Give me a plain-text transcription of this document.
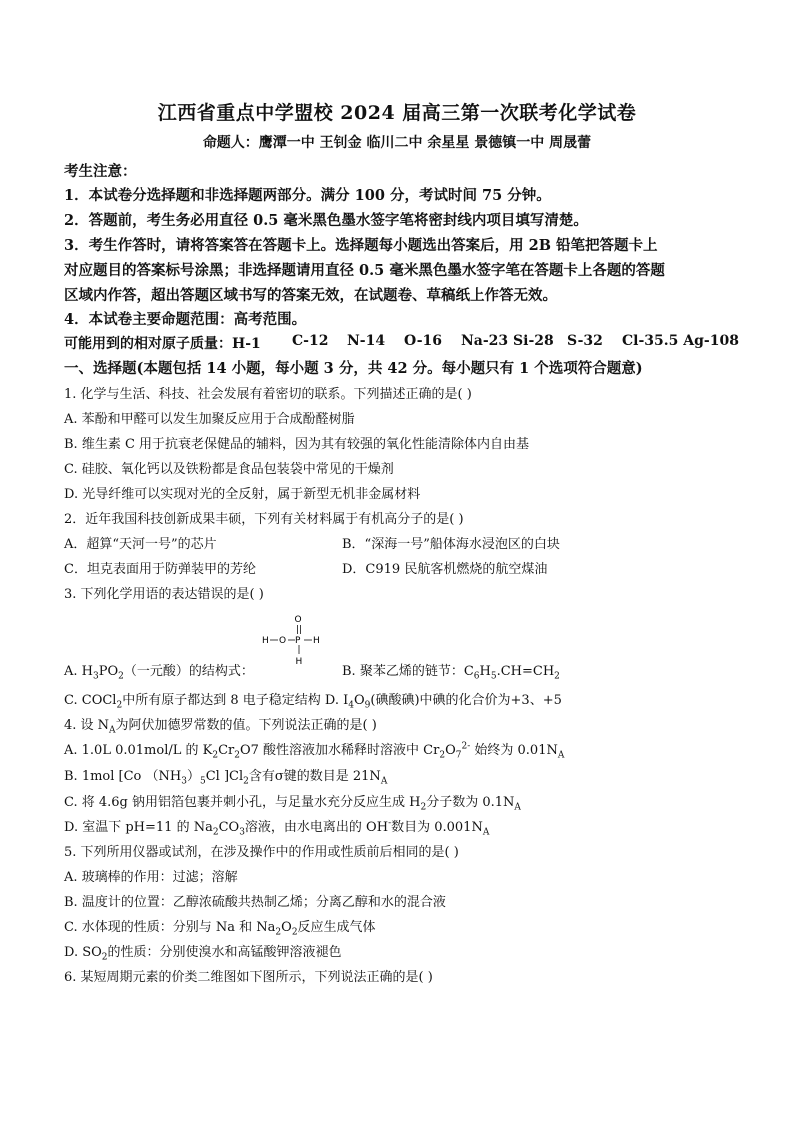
江西省重点中学盟校 2024 届高三第一次联考化学试卷
命题人：鹰潭一中 王钊金 临川二中 余星星 景德镇一中 周晟蕾
考生注意：
1．本试卷分选择题和非选择题两部分。满分 100 分，考试时间 75 分钟。
2．答题前，考生务必用直径 0.5 毫米黑色墨水签字笔将密封线内项目填写清楚。
3．考生作答时，请将答案答在答题卡上。选择题每小题选出答案后，用 2B 铅笔把答题卡上
对应题目的答案标号涂黑；非选择题请用直径 0.5 毫米黑色墨水签字笔在答题卡上各题的答题
区域内作答，超出答题区域书写的答案无效，在试题卷、草稿纸上作答无效。
4．本试卷主要命题范围：高考范围。
可能用到的相对原子质量：H-1 C-12 N-14 O-16 Na-23 Si-28 S-32 Cl-35.5 Ag-108
一、选择题(本题包括 14 小题，每小题 3 分，共 42 分。每小题只有 1 个选项符合题意)
1. 化学与生活、科技、社会发展有着密切的联系。下列描述正确的是( )
A. 苯酚和甲醛可以发生加聚反应用于合成酚醛树脂
B. 维生素 C 用于抗衰老保健品的辅料，因为其有较强的氧化性能清除体内自由基
C. 硅胶、氧化钙以及铁粉都是食品包装袋中常见的干燥剂
D. 光导纤维可以实现对光的全反射，属于新型无机非金属材料
2．近年我国科技创新成果丰硕，下列有关材料属于有机高分子的是( )
A．超算“天河一号”的芯片	B．“深海一号”船体海水浸泡区的白块
C．坦克表面用于防弹装甲的芳纶	D．C919 民航客机燃烧的航空煤油
3. 下列化学用语的表达错误的是( )
H O P H
O
H
A. $H_3PO_2$（一元酸）的结构式：	B. 聚苯乙烯的链节：$C_6H_5.CH=CH_2$
C. COCl$_2$中所有原子都达到 8 电子稳定结构 D. $I_4O_9$(碘酸碘)中碘的化合价为+3、+5
4. 设 $N_A$为阿伏加德罗常数的值。下列说法正确的是( )
A. 1.0L 0.01mol/L 的 $K_2Cr_2O7$ 酸性溶液加水稀释时溶液中 $Cr_2O_7^{2-}$ 始终为 $0.01N_A$
B. 1mol [Co $(NH_3)_5Cl$ ]$Cl_2$含有σ键的数目是 $21N_A$
C. 将 4.6g 钠用铝箔包裹并刺小孔，与足量水充分反应生成 $H_2$分子数为 $0.1N_A$
D. 室温下 pH=11 的 $Na_2CO_3$溶液，由水电离出的 OH-数目为 $0.001N_A$
5. 下列所用仪器或试剂，在涉及操作中的作用或性质前后相同的是( )
A. 玻璃棒的作用：过滤；溶解
B. 温度计的位置：乙醇浓硫酸共热制乙烯；分离乙醇和水的混合液
C. 水体现的性质：分别与 Na 和 $Na_2O_2$反应生成气体
D. $SO_2$的性质：分别使溴水和高锰酸钾溶液褪色
6. 某短周期元素的价类二维图如下图所示，下列说法正确的是( )
